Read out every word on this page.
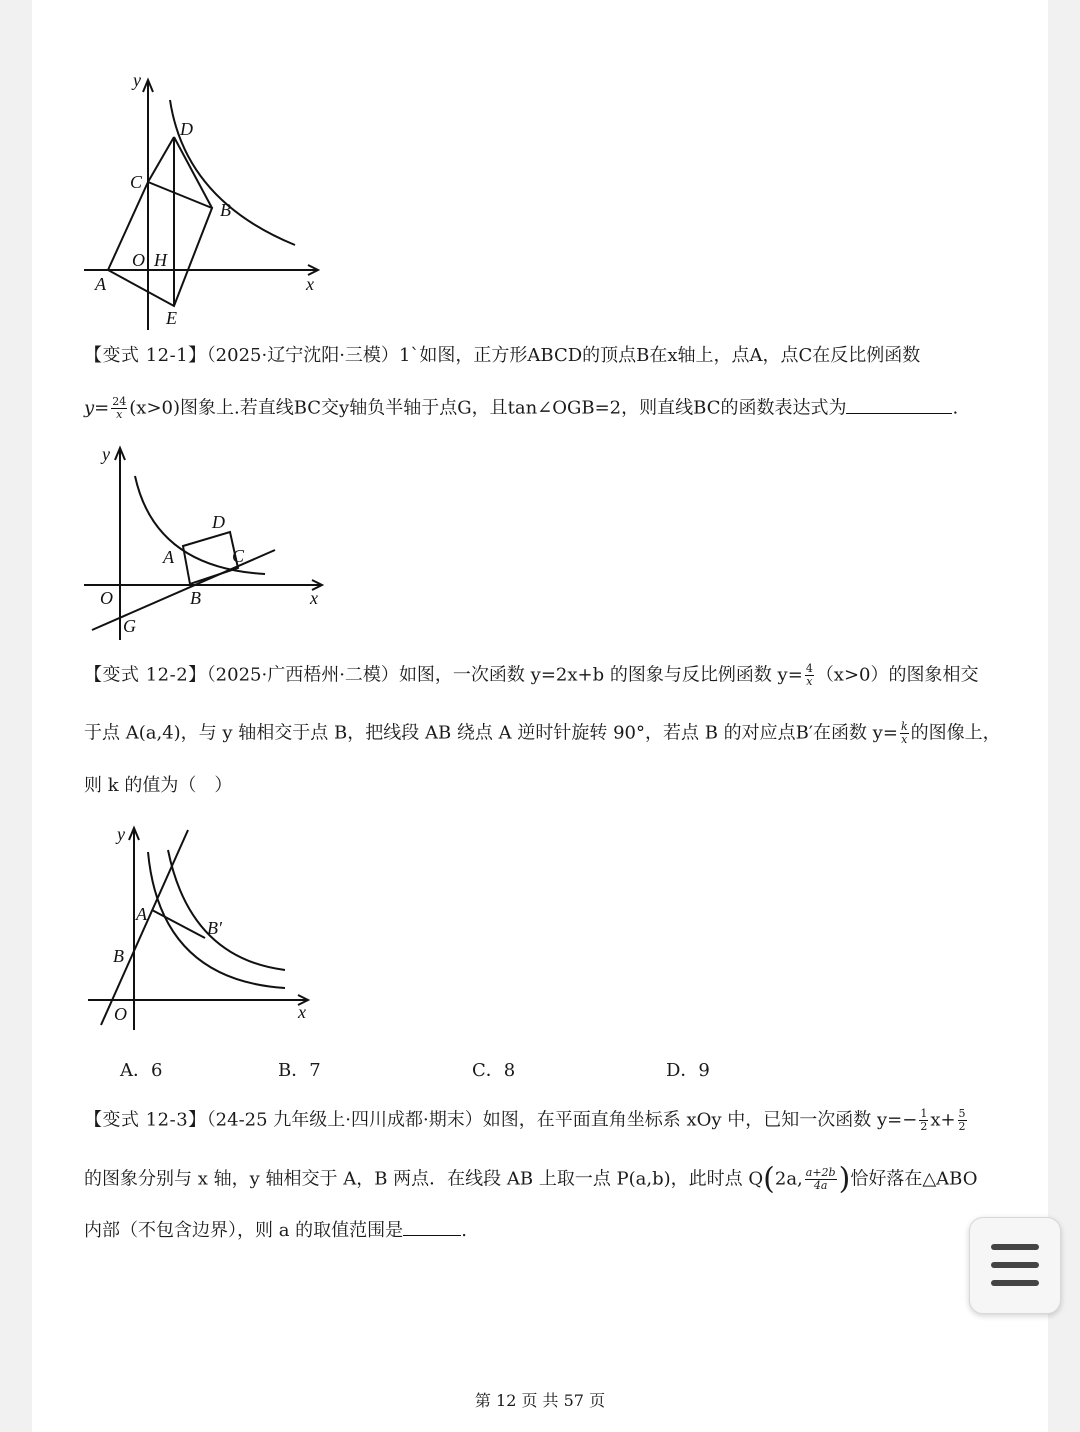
y
D
C
B
O H
A	x
E
【变式 12-1】（2025·辽宁沈阳·三模）1`如图，正方形ABCD的顶点B在x轴上，点A，点C在反比例函数
$y= \frac{24}{x} (x>0)$图象上.若直线BC交y轴负半轴于点G，且tan∠OGB=2，则直线BC的函数表达式为	.
y
D
A	C
O	B	x
G
【变式 12-2】（2025·广西梧州·二模）如图，一次函数 y=2x+b 的图象与反比例函数 $y= \frac{4}{x} (x>0)$的图象相交
于点 A(a,4)，与 y 轴相交于点 B，把线段 AB 绕点 A 逆时针旋转 90°，若点 B 的对应点B′在函数 $y= \frac{k}{x}$ 的图像上，
则 k 的值为（　）
y
A
B′
B
O	x
A．6	B．7	C．8	D．9
【变式 12-3】（24-25 九年级上·四川成都·期末）如图，在平面直角坐标系 xOy 中，已知一次函数 $y=- \frac{1}{2} x+ \frac{5}{2}$
的图象分别与 x 轴，y 轴相交于 A，B 两点．在线段 AB 上取一点 P(a,b)，此时点 Q(2a, $\frac{a+2b}{4a}$ )恰好落在△ABO
内部（不包含边界），则 a 的取值范围是	.
第 12 页 共 57 页
